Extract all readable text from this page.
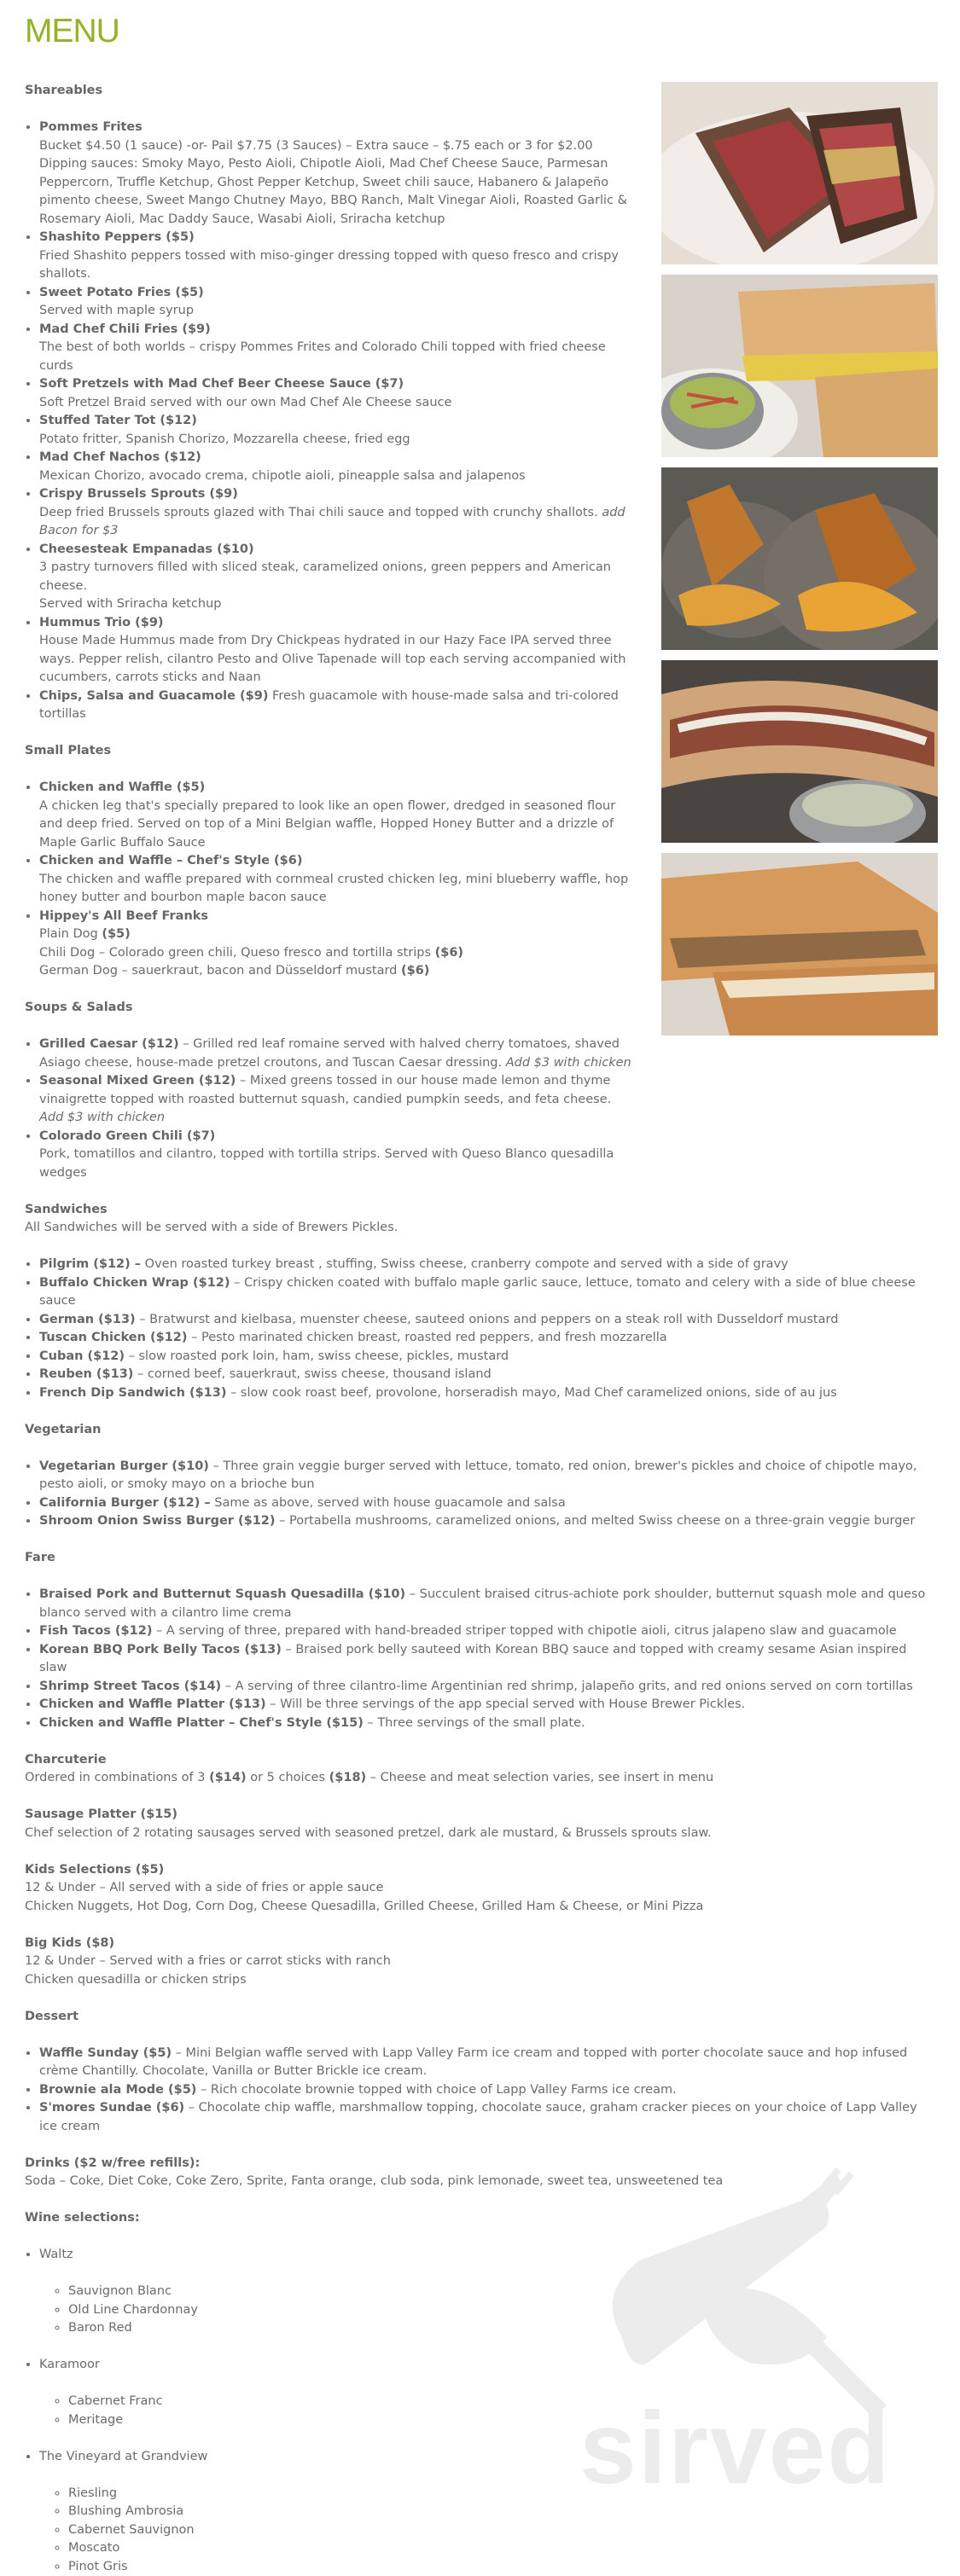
MENU

Shareables

• Pommes Frites
Bucket $4.50 (1 sauce) -or- Pail $7.75 (3 Sauces) – Extra sauce – $.75 each or 3 for $2.00
Dipping sauces: Smoky Mayo, Pesto Aioli, Chipotle Aioli, Mad Chef Cheese Sauce, Parmesan Peppercorn, Truffle Ketchup, Ghost Pepper Ketchup, Sweet chili sauce, Habanero & Jalapeño pimento cheese, Sweet Mango Chutney Mayo, BBQ Ranch, Malt Vinegar Aioli, Roasted Garlic & Rosemary Aioli, Mac Daddy Sauce, Wasabi Aioli, Sriracha ketchup
• Shashito Peppers ($5)
Fried Shashito peppers tossed with miso-ginger dressing topped with queso fresco and crispy shallots.
• Sweet Potato Fries ($5)
Served with maple syrup
• Mad Chef Chili Fries ($9)
The best of both worlds – crispy Pommes Frites and Colorado Chili topped with fried cheese curds
• Soft Pretzels with Mad Chef Beer Cheese Sauce ($7)
Soft Pretzel Braid served with our own Mad Chef Ale Cheese sauce
• Stuffed Tater Tot ($12)
Potato fritter, Spanish Chorizo, Mozzarella cheese, fried egg
• Mad Chef Nachos ($12)
Mexican Chorizo, avocado crema, chipotle aioli, pineapple salsa and jalapenos
• Crispy Brussels Sprouts ($9)
Deep fried Brussels sprouts glazed with Thai chili sauce and topped with crunchy shallots. add Bacon for $3
• Cheesesteak Empanadas ($10)
3 pastry turnovers filled with sliced steak, caramelized onions, green peppers and American cheese.
Served with Sriracha ketchup
• Hummus Trio ($9)
House Made Hummus made from Dry Chickpeas hydrated in our Hazy Face IPA served three ways. Pepper relish, cilantro Pesto and Olive Tapenade will top each serving accompanied with cucumbers, carrots sticks and Naan
• Chips, Salsa and Guacamole ($9) Fresh guacamole with house-made salsa and tri-colored tortillas

Small Plates

• Chicken and Waffle ($5)
A chicken leg that's specially prepared to look like an open flower, dredged in seasoned flour and deep fried. Served on top of a Mini Belgian waffle, Hopped Honey Butter and a drizzle of Maple Garlic Buffalo Sauce
• Chicken and Waffle – Chef's Style ($6)
The chicken and waffle prepared with cornmeal crusted chicken leg, mini blueberry waffle, hop honey butter and bourbon maple bacon sauce
• Hippey's All Beef Franks
Plain Dog ($5)
Chili Dog – Colorado green chili, Queso fresco and tortilla strips ($6)
German Dog – sauerkraut, bacon and Düsseldorf mustard ($6)

Soups & Salads

• Grilled Caesar ($12) – Grilled red leaf romaine served with halved cherry tomatoes, shaved Asiago cheese, house-made pretzel croutons, and Tuscan Caesar dressing. Add $3 with chicken
• Seasonal Mixed Green ($12) – Mixed greens tossed in our house made lemon and thyme vinaigrette topped with roasted butternut squash, candied pumpkin seeds, and feta cheese. Add $3 with chicken
• Colorado Green Chili ($7)
Pork, tomatillos and cilantro, topped with tortilla strips. Served with Queso Blanco quesadilla wedges

Sandwiches

All Sandwiches will be served with a side of Brewers Pickles.

• Pilgrim ($12) – Oven roasted turkey breast , stuffing, Swiss cheese, cranberry compote and served with a side of gravy
• Buffalo Chicken Wrap ($12) – Crispy chicken coated with buffalo maple garlic sauce, lettuce, tomato and celery with a side of blue cheese sauce
• German ($13) – Bratwurst and kielbasa, muenster cheese, sauteed onions and peppers on a steak roll with Dusseldorf mustard
• Tuscan Chicken ($12) – Pesto marinated chicken breast, roasted red peppers, and fresh mozzarella
• Cuban ($12) – slow roasted pork loin, ham, swiss cheese, pickles, mustard
• Reuben ($13) – corned beef, sauerkraut, swiss cheese, thousand island
• French Dip Sandwich ($13) – slow cook roast beef, provolone, horseradish mayo, Mad Chef caramelized onions, side of au jus

Vegetarian

• Vegetarian Burger ($10) – Three grain veggie burger served with lettuce, tomato, red onion, brewer's pickles and choice of chipotle mayo, pesto aioli, or smoky mayo on a brioche bun
• California Burger ($12) – Same as above, served with house guacamole and salsa
• Shroom Onion Swiss Burger ($12) – Portabella mushrooms, caramelized onions, and melted Swiss cheese on a three-grain veggie burger

Fare

• Braised Pork and Butternut Squash Quesadilla ($10) – Succulent braised citrus-achiote pork shoulder, butternut squash mole and queso blanco served with a cilantro lime crema
• Fish Tacos ($12) – A serving of three, prepared with hand-breaded striper topped with chipotle aioli, citrus jalapeno slaw and guacamole
• Korean BBQ Pork Belly Tacos ($13) – Braised pork belly sauteed with Korean BBQ sauce and topped with creamy sesame Asian inspired slaw
• Shrimp Street Tacos ($14) – A serving of three cilantro-lime Argentinian red shrimp, jalapeño grits, and red onions served on corn tortillas
• Chicken and Waffle Platter ($13) – Will be three servings of the app special served with House Brewer Pickles.
• Chicken and Waffle Platter – Chef's Style ($15) – Three servings of the small plate.

Charcuterie

Ordered in combinations of 3 ($14) or 5 choices ($18) – Cheese and meat selection varies, see insert in menu

Sausage Platter ($15)

Chef selection of 2 rotating sausages served with seasoned pretzel, dark ale mustard, & Brussels sprouts slaw.

Kids Selections ($5)

12 & Under – All served with a side of fries or apple sauce

Chicken Nuggets, Hot Dog, Corn Dog, Cheese Quesadilla, Grilled Cheese, Grilled Ham & Cheese, or Mini Pizza

Big Kids ($8)

12 & Under – Served with a fries or carrot sticks with ranch

Chicken quesadilla or chicken strips

Dessert

• Waffle Sunday ($5) – Mini Belgian waffle served with Lapp Valley Farm ice cream and topped with porter chocolate sauce and hop infused crème Chantilly. Chocolate, Vanilla or Butter Brickle ice cream.
• Brownie ala Mode ($5) – Rich chocolate brownie topped with choice of Lapp Valley Farms ice cream.
• S'mores Sundae ($6) – Chocolate chip waffle, marshmallow topping, chocolate sauce, graham cracker pieces on your choice of Lapp Valley ice cream

Drinks ($2 w/free refills):

Soda – Coke, Diet Coke, Coke Zero, Sprite, Fanta orange, club soda, pink lemonade, sweet tea, unsweetened tea

Wine selections:

• Waltz
◦ Sauvignon Blanc
◦ Old Line Chardonnay
◦ Baron Red
• Karamoor
◦ Cabernet Franc
◦ Meritage
• The Vineyard at Grandview
◦ Riesling
◦ Blushing Ambrosia
◦ Cabernet Sauvignon
◦ Moscato
◦ Pinot Gris
sirved
